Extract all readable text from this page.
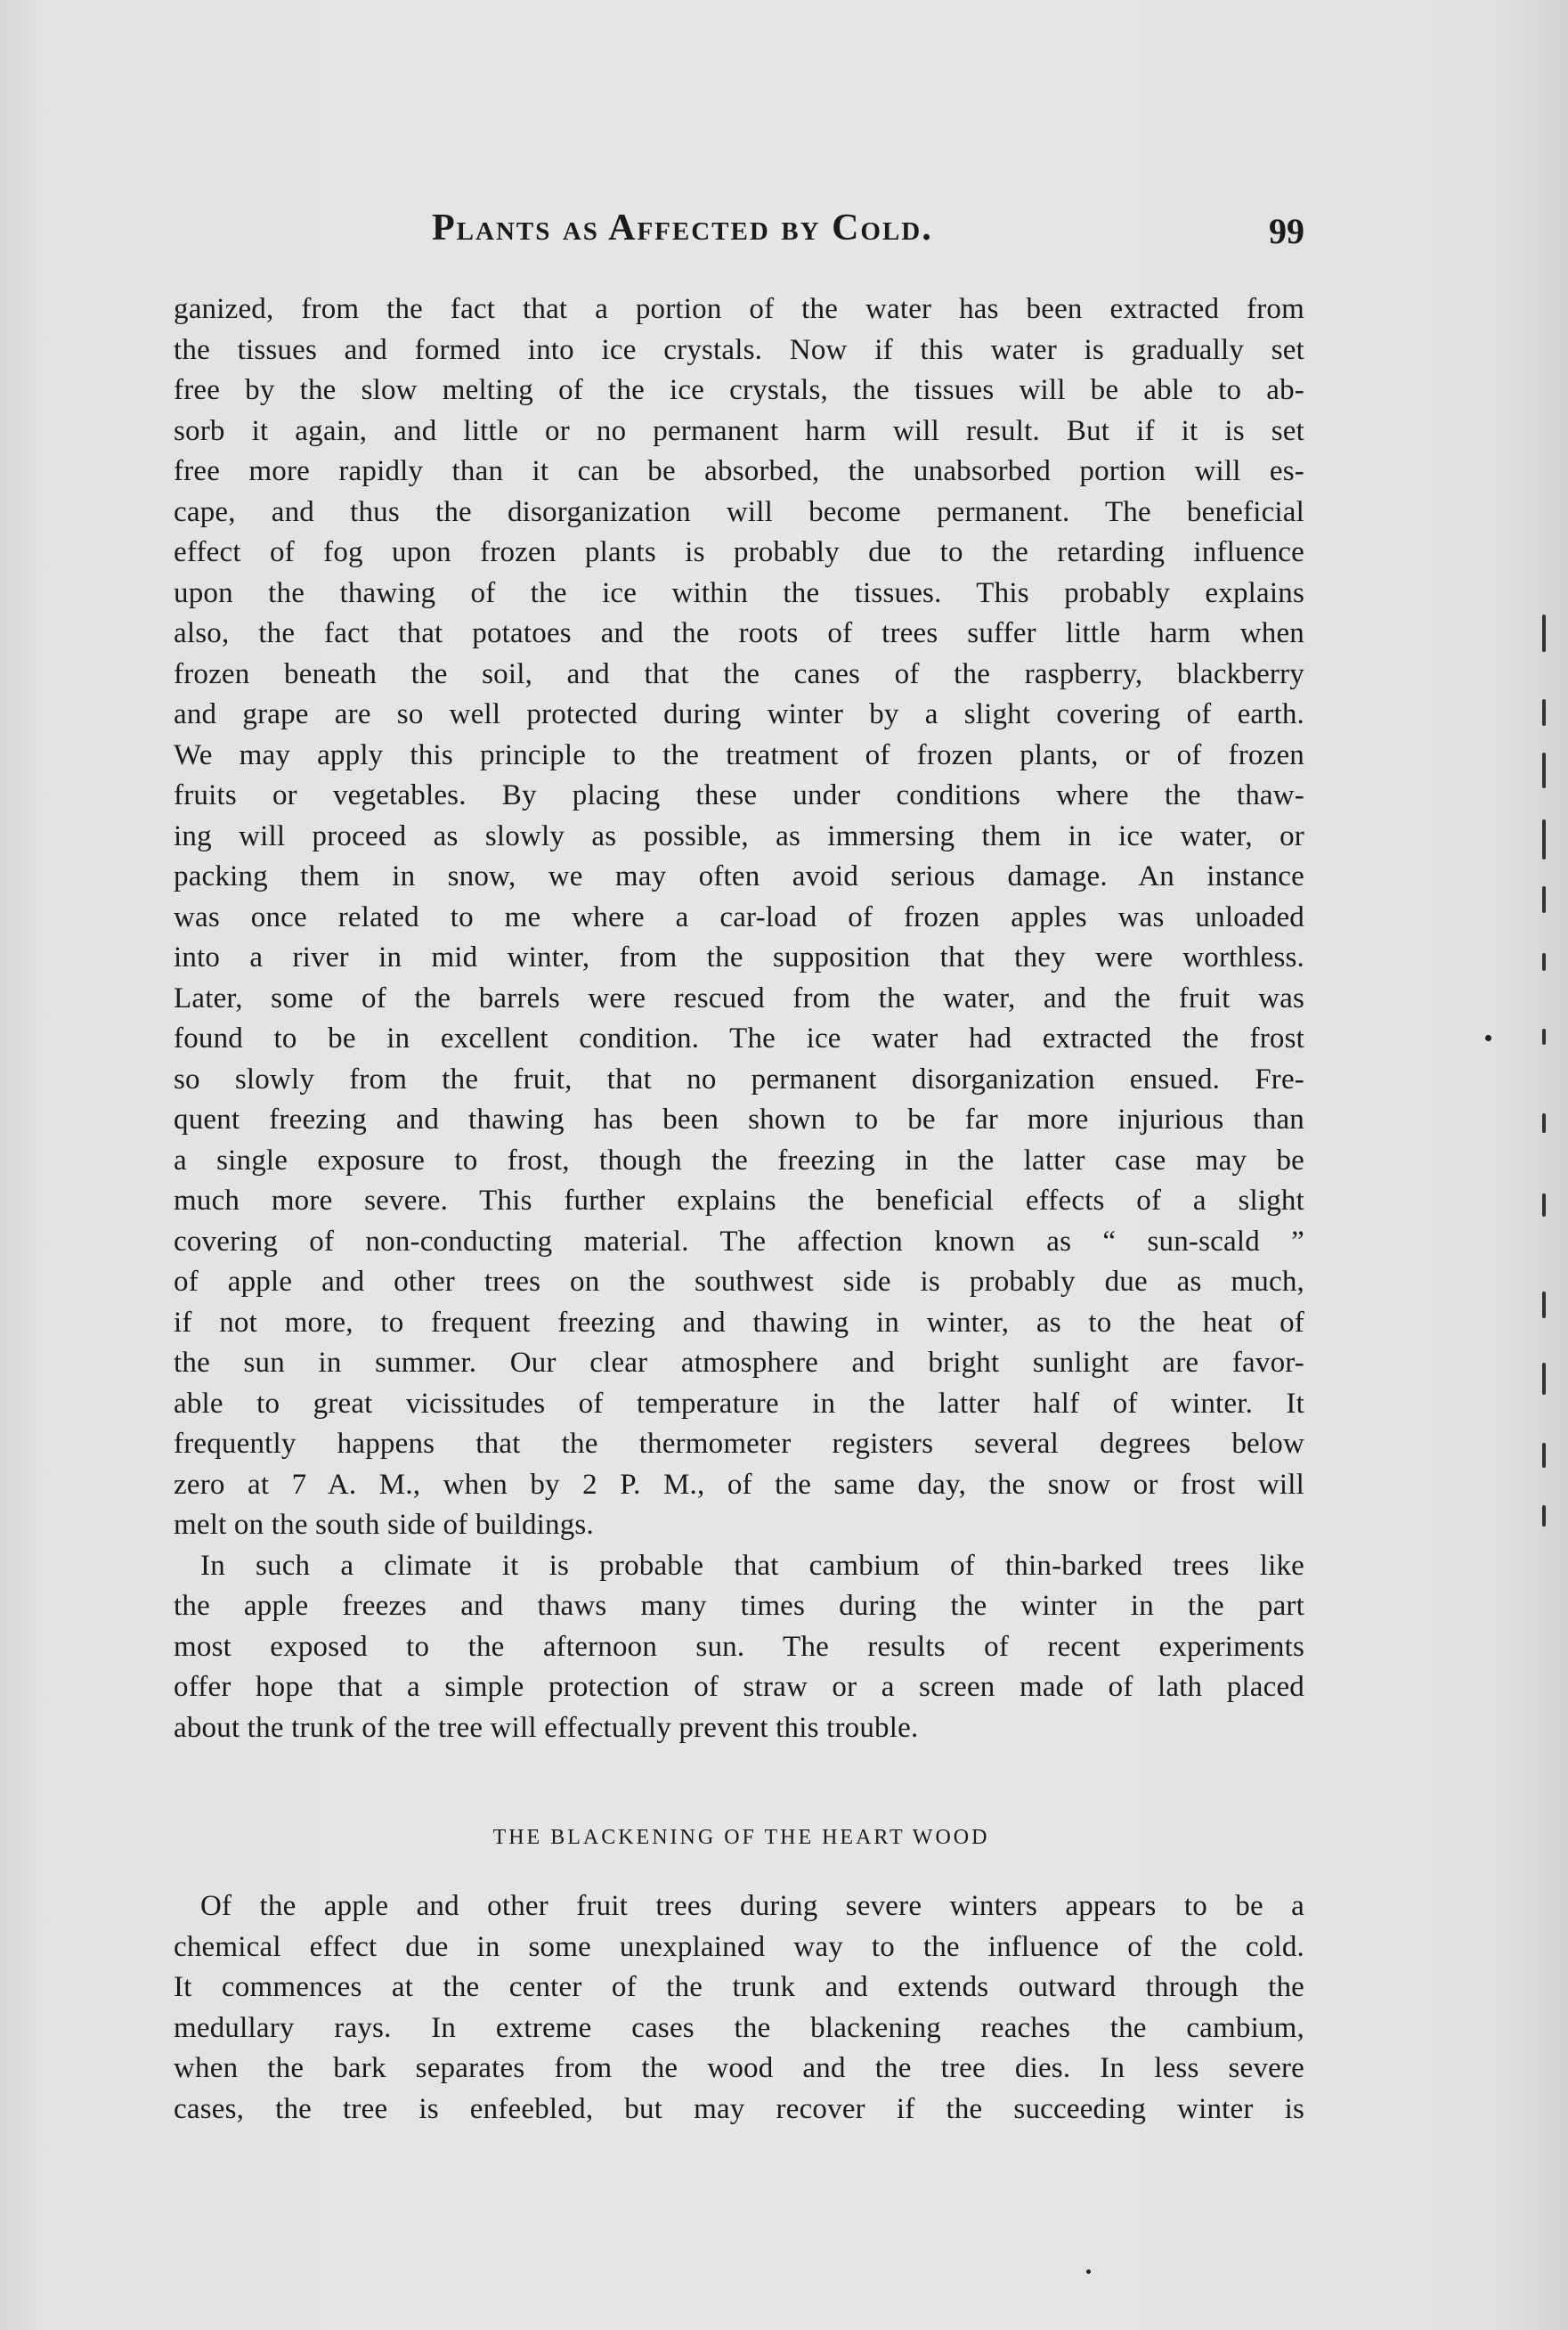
Plants as Affected by Cold.	99
ganized, from the fact that a portion of the water has been extracted from
the tissues and formed into ice crystals. Now if this water is gradually set
free by the slow melting of the ice crystals, the tissues will be able to ab-
sorb it again, and little or no permanent harm will result. But if it is set
free more rapidly than it can be absorbed, the unabsorbed portion will es-
cape, and thus the disorganization will become permanent. The beneficial
effect of fog upon frozen plants is probably due to the retarding influence
upon the thawing of the ice within the tissues. This probably explains
also, the fact that potatoes and the roots of trees suffer little harm when
frozen beneath the soil, and that the canes of the raspberry, blackberry
and grape are so well protected during winter by a slight covering of earth.
We may apply this principle to the treatment of frozen plants, or of frozen
fruits or vegetables. By placing these under conditions where the thaw-
ing will proceed as slowly as possible, as immersing them in ice water, or
packing them in snow, we may often avoid serious damage. An instance
was once related to me where a car-load of frozen apples was unloaded
into a river in mid winter, from the supposition that they were worthless.
Later, some of the barrels were rescued from the water, and the fruit was
found to be in excellent condition. The ice water had extracted the frost
so slowly from the fruit, that no permanent disorganization ensued. Fre-
quent freezing and thawing has been shown to be far more injurious than
a single exposure to frost, though the freezing in the latter case may be
much more severe. This further explains the beneficial effects of a slight
covering of non-conducting material. The affection known as “ sun-scald ”
of apple and other trees on the southwest side is probably due as much,
if not more, to frequent freezing and thawing in winter, as to the heat of
the sun in summer. Our clear atmosphere and bright sunlight are favor-
able to great vicissitudes of temperature in the latter half of winter. It
frequently happens that the thermometer registers several degrees below
zero at 7 A. M., when by 2 P. M., of the same day, the snow or frost will
melt on the south side of buildings.
In such a climate it is probable that cambium of thin-barked trees like
the apple freezes and thaws many times during the winter in the part
most exposed to the afternoon sun. The results of recent experiments
offer hope that a simple protection of straw or a screen made of lath placed
about the trunk of the tree will effectually prevent this trouble.
THE BLACKENING OF THE HEART WOOD
Of the apple and other fruit trees during severe winters appears to be a
chemical effect due in some unexplained way to the influence of the cold.
It commences at the center of the trunk and extends outward through the
medullary rays. In extreme cases the blackening reaches the cambium,
when the bark separates from the wood and the tree dies. In less severe
cases, the tree is enfeebled, but may recover if the succeeding winter is
